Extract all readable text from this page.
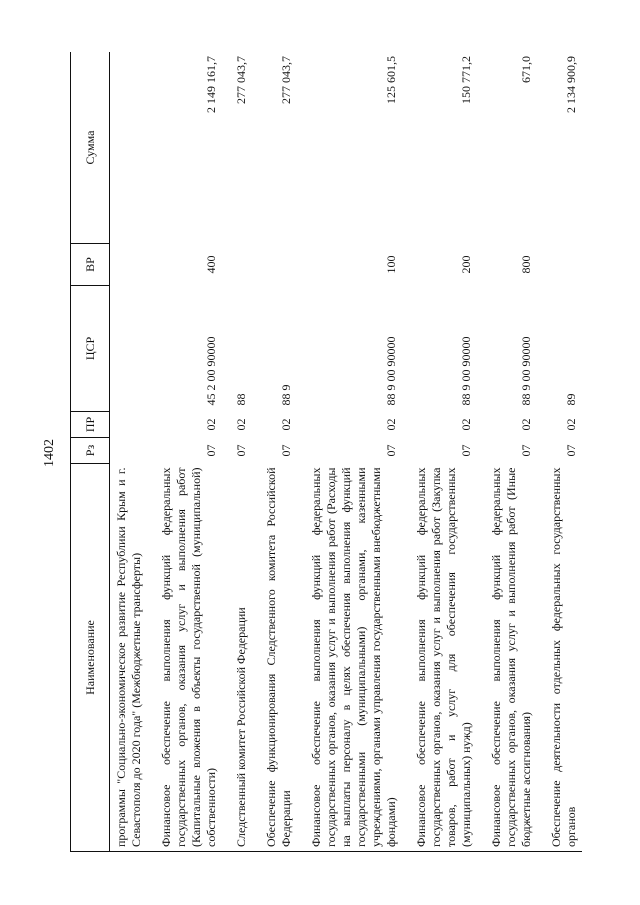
1402
Наименование	Рз	ПР	ЦСР	ВР	Сумма
программы "Социально-экономическое развитие Республики Крым и г. Севастополя до 2020 года" (Межбюджетные трансферты)					

Финансовое обеспечение выполнения функций федеральных государственных органов, оказания услуг и выполнения работ (Капитальные вложения в объекты государственной (муниципальной) собственности)	07	02	45 2 00 90000	400	2 149 161,7

Следственный комитет Российской Федерации	07	02	88		277 043,7

Обеспечение функционирования Следственного комитета Российской Федерации	07	02	88 9		277 043,7

Финансовое обеспечение выполнения функций федеральных государственных органов, оказания услуг и выполнения работ (Расходы на выплаты персоналу в целях обеспечения выполнения функций государственными (муниципальными) органами, казенными учреждениями, органами управления государственными внебюджетными фондами)	07	02	88 9 00 90000	100	125 601,5

Финансовое обеспечение выполнения функций федеральных государственных органов, оказания услуг и выполнения работ (Закупка товаров, работ и услуг для обеспечения государственных (муниципальных) нужд)	07	02	88 9 00 90000	200	150 771,2

Финансовое обеспечение выполнения функций федеральных государственных органов, оказания услуг и выполнения работ (Иные бюджетные ассигнования)	07	02	88 9 00 90000	800	671,0

Обеспечение деятельности отдельных федеральных государственных органов	07	02	89		2 134 900,9
